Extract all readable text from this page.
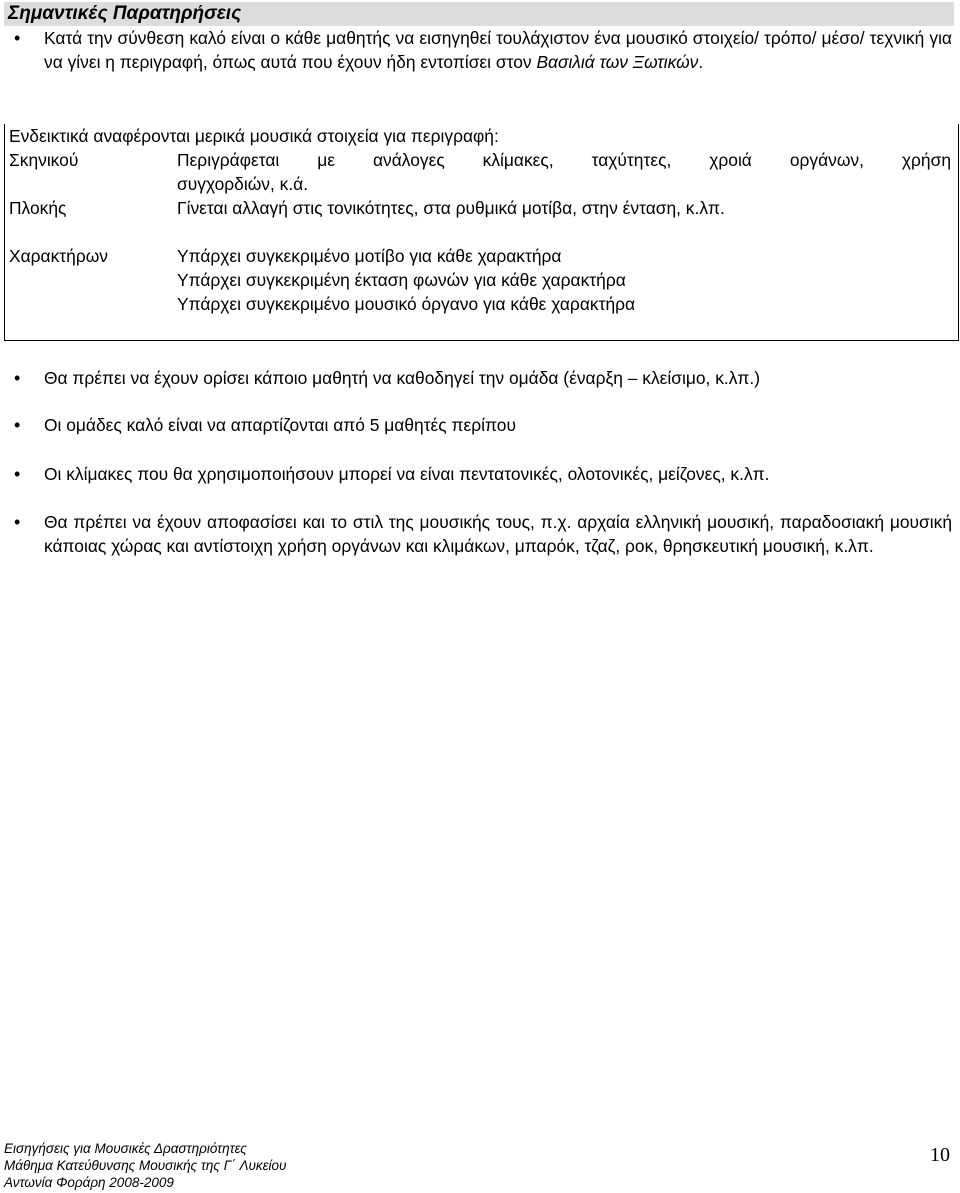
Σημαντικές Παρατηρήσεις
• Κατά την σύνθεση καλό είναι ο κάθε μαθητής να εισηγηθεί τουλάχιστον ένα μουσικό στοιχείο/ τρόπο/ μέσο/ τεχνική για να γίνει η περιγραφή, όπως αυτά που έχουν ήδη εντοπίσει στον Βασιλιά των Ξωτικών.
Ενδεικτικά αναφέρονται μερικά μουσικά στοιχεία για περιγραφή:
Σκηνικού	Περιγράφεται με ανάλογες κλίμακες, ταχύτητες, χροιά οργάνων, χρήση
συγχορδιών, κ.ά.
Πλοκής	Γίνεται αλλαγή στις τονικότητες, στα ρυθμικά μοτίβα, στην ένταση, κ.λπ.
Χαρακτήρων	Υπάρχει συγκεκριμένο μοτίβο για κάθε χαρακτήρα
Υπάρχει συγκεκριμένη έκταση φωνών για κάθε χαρακτήρα
Υπάρχει συγκεκριμένο μουσικό όργανο για κάθε χαρακτήρα
• Θα πρέπει να έχουν ορίσει κάποιο μαθητή να καθοδηγεί την ομάδα (έναρξη – κλείσιμο, κ.λπ.)
• Οι ομάδες καλό είναι να απαρτίζονται από 5 μαθητές περίπου
• Οι κλίμακες που θα χρησιμοποιήσουν μπορεί να είναι πεντατονικές, ολοτονικές, μείζονες, κ.λπ.
• Θα πρέπει να έχουν αποφασίσει και το στιλ της μουσικής τους, π.χ. αρχαία ελληνική μουσική, παραδοσιακή μουσική κάποιας χώρας και αντίστοιχη χρήση οργάνων και κλιμάκων, μπαρόκ, τζαζ, ροκ, θρησκευτική μουσική, κ.λπ.
Εισηγήσεις για Μουσικές Δραστηριότητες
Μάθημα Κατεύθυνσης Μουσικής της Γ΄ Λυκείου
Αντωνία Φοράρη 2008-2009
10
